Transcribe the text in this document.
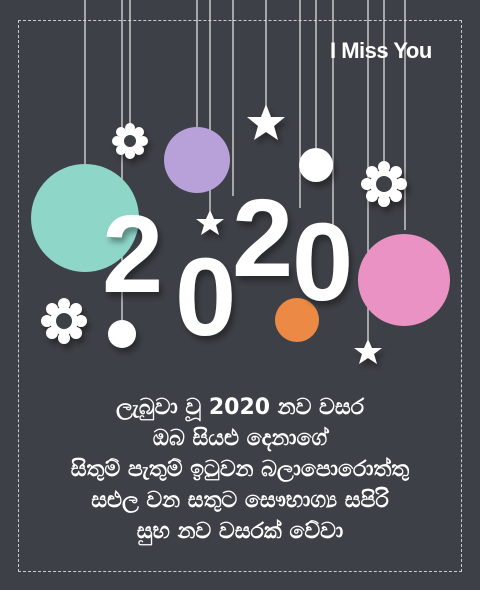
2 0
2
0
I Miss You
ලැබුවා වූ 2020 නව වසර
ඔබ සියළු දෙනාගේ
සිතුම් පැතුම් ඉටුවන බලාපොරොත්තු
සළුල වන සතුට සෞභාග්‍ය සපිරි
සුභ නව වසරක් වේවා
